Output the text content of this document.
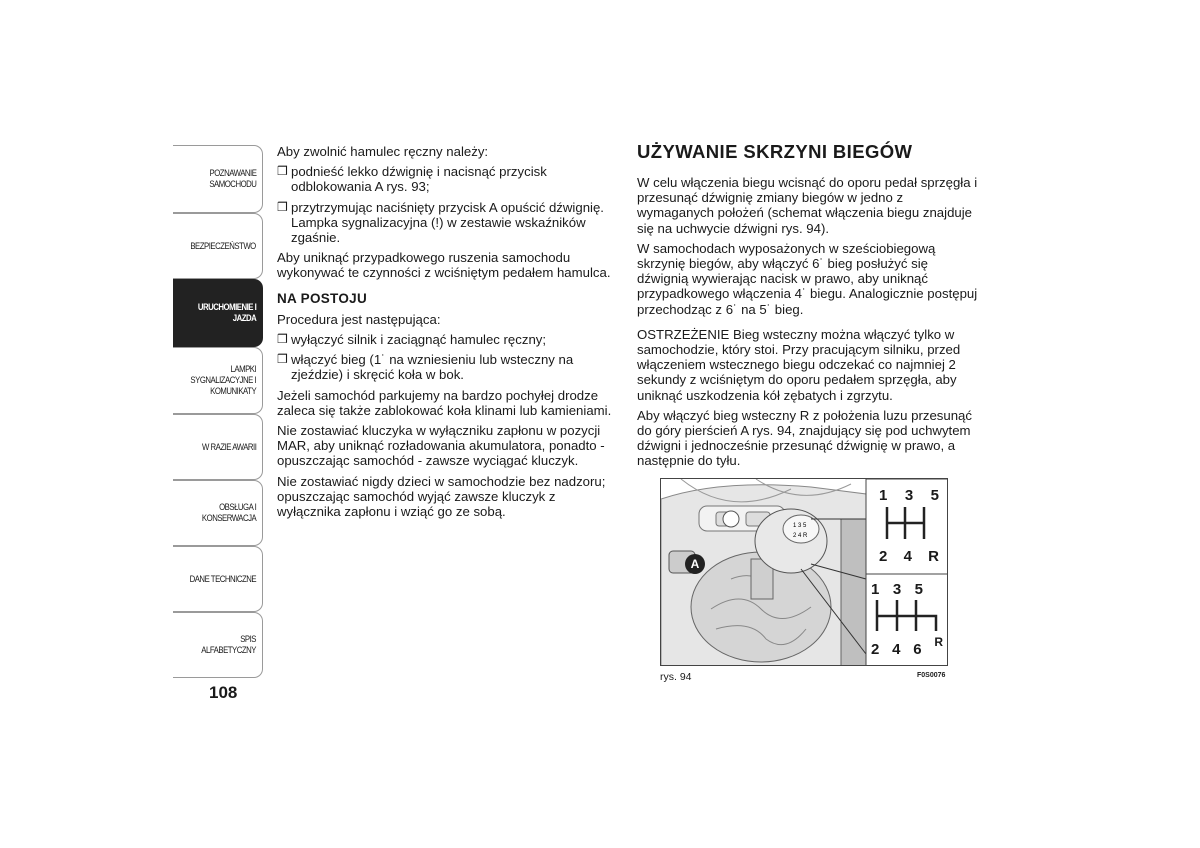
POZNAWANIE
SAMOCHODU
BEZPIECZEŃSTWO
URUCHOMIENIE I
JAZDA
LAMPKI
SYGNALIZACYJNE I
KOMUNIKATY
W RAZIE AWARII
OBSŁUGA I
KONSERWACJA
DANE TECHNICZNE
SPIS ALFABETYCZNY
108

Aby zwolnić hamulec ręczny należy:

❒ podnieść lekko dźwignię i nacisnąć przycisk odblokowania A rys. 93;
❒ przytrzymując naciśnięty przycisk A opuścić dźwignię. Lampka sygnalizacyjna (!) w zestawie wskaźników zgaśnie.

Aby uniknąć przypadkowego ruszenia samochodu wykonywać te czynności z wciśniętym pedałem hamulca.

NA POSTOJU

Procedura jest następująca:

❒ wyłączyć silnik i zaciągnąć hamulec ręczny;
❒ włączyć bieg (1˙ na wzniesieniu lub wsteczny na zjeździe) i skręcić koła w bok.

Jeżeli samochód parkujemy na bardzo pochyłej drodze zaleca się także zablokować koła klinami lub kamieniami.

Nie zostawiać kluczyka w wyłączniku zapłonu w pozycji MAR, aby uniknąć rozładowania akumulatora, ponadto - opuszczając samochód - zawsze wyciągać kluczyk.

Nie zostawiać nigdy dzieci w samochodzie bez nadzoru; opuszczając samochód wyjąć zawsze kluczyk z wyłącznika zapłonu i wziąć go ze sobą.

UŻYWANIE SKRZYNI BIEGÓW

W celu włączenia biegu wcisnąć do oporu pedał sprzęgła i przesunąć dźwignię zmiany biegów w jedno z wymaganych położeń (schemat włączenia biegu znajduje się na uchwycie dźwigni rys. 94).

W samochodach wyposażonych w sześciobiegową skrzynię biegów, aby włączyć 6˙ bieg posłużyć się dźwignią wywierając nacisk w prawo, aby uniknąć przypadkowego włączenia 4˙ biegu. Analogicznie postępuj przechodząc z 6˙ na 5˙ bieg.

OSTRZEŻENIE Bieg wsteczny można włączyć tylko w samochodzie, który stoi. Przy pracującym silniku, przed włączeniem wstecznego biegu odczekać co najmniej 2 sekundy z wciśniętym do oporu pedałem sprzęgła, aby uniknąć uszkodzenia kół zębatych i zgrzytu.

Aby włączyć bieg wsteczny R z położenia luzu przesunąć do góry pierścień A rys. 94, znajdujący się pod uchwytem dźwigni i jednocześnie przesunąć dźwignię w prawo, a następnie do tyłu.

1 3 5
2 4 R
A
1 3 5
2 4 R
1 3 5
2 4 6 R
rys. 94	F0S0076
